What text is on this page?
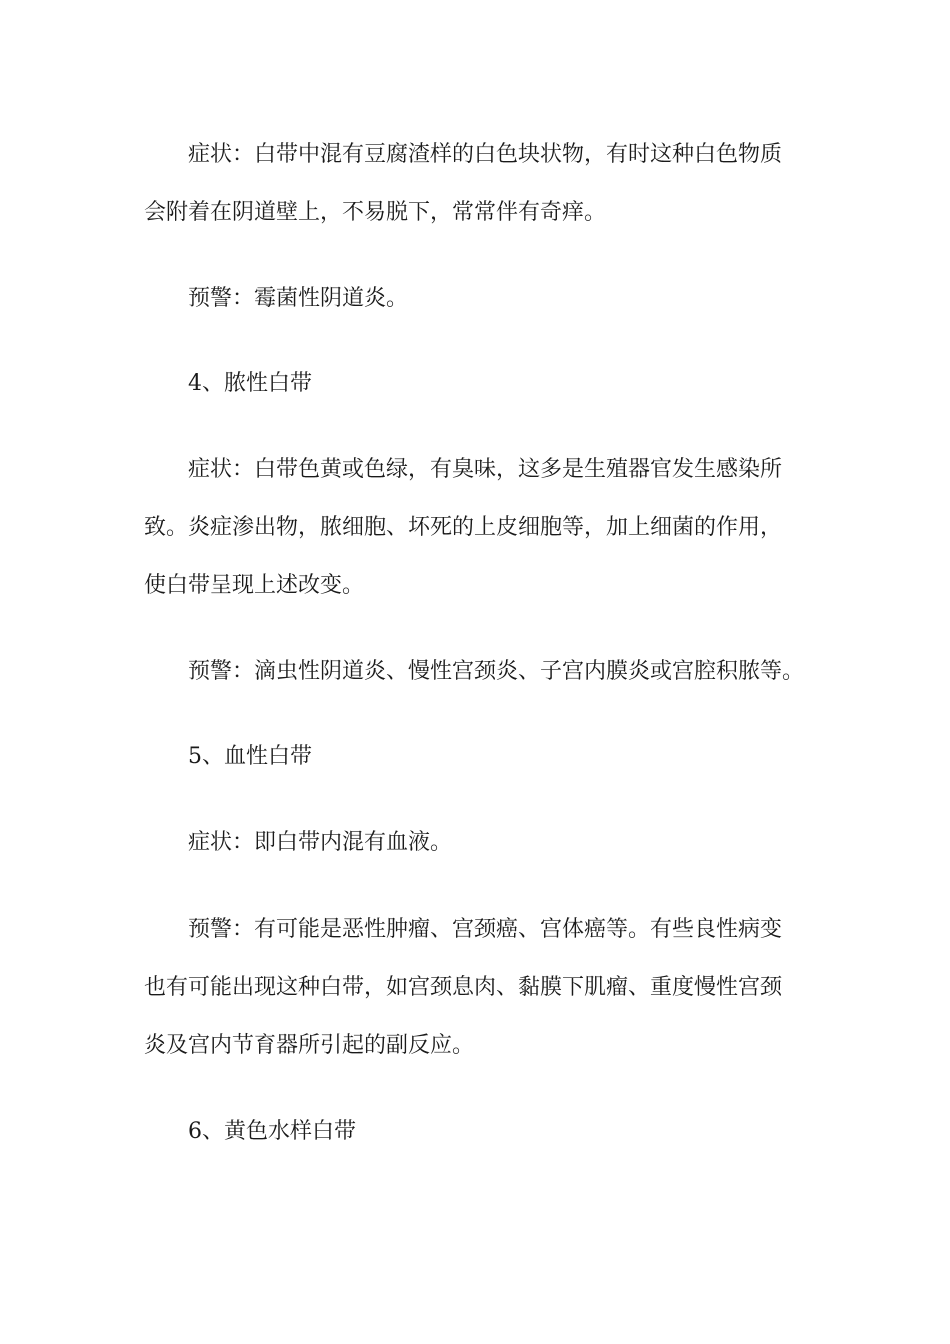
症状：白带中混有豆腐渣样的白色块状物，有时这种白色物质
会附着在阴道壁上，不易脱下，常常伴有奇痒。

预警：霉菌性阴道炎。

4、脓性白带

症状：白带色黄或色绿，有臭味，这多是生殖器官发生感染所
致。炎症渗出物，脓细胞、坏死的上皮细胞等，加上细菌的作用，
使白带呈现上述改变。

预警：滴虫性阴道炎、慢性宫颈炎、子宫内膜炎或宫腔积脓等。

5、血性白带

症状：即白带内混有血液。

预警：有可能是恶性肿瘤、宫颈癌、宫体癌等。有些良性病变
也有可能出现这种白带，如宫颈息肉、黏膜下肌瘤、重度慢性宫颈
炎及宫内节育器所引起的副反应。

6、黄色水样白带
